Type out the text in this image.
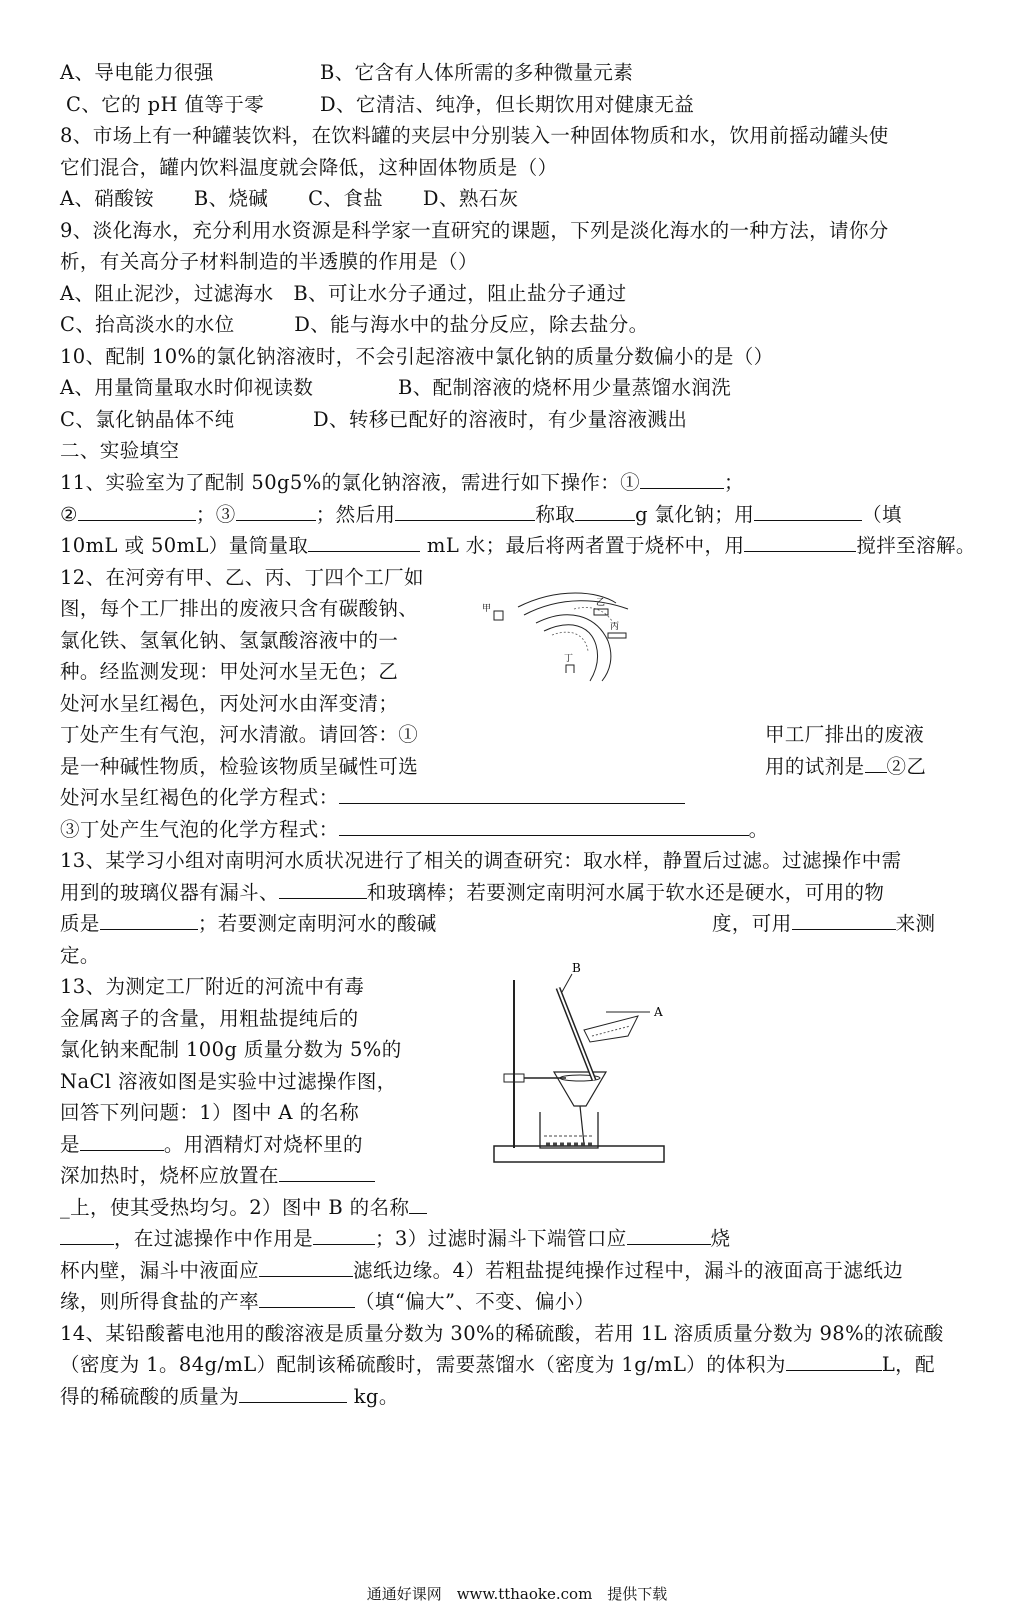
A、导电能力很强	B、它含有人体所需的多种微量元素
C、它的 pH 值等于零	D、它清洁、纯净，但长期饮用对健康无益
8、市场上有一种罐装饮料，在饮料罐的夹层中分别装入一种固体物质和水，饮用前摇动罐头使
它们混合，罐内饮料温度就会降低，这种固体物质是（）
A、硝酸铵　　B、烧碱　　C、食盐　　D、熟石灰
9、淡化海水，充分利用水资源是科学家一直研究的课题，下列是淡化海水的一种方法，请你分
析，有关高分子材料制造的半透膜的作用是（）
A、阻止泥沙，过滤海水　B、可让水分子通过，阻止盐分子通过
C、抬高淡水的水位　　　D、能与海水中的盐分反应，除去盐分。
10、配制 10%的氯化钠溶液时，不会引起溶液中氯化钠的质量分数偏小的是（）
A、用量筒量取水时仰视读数	B、配制溶液的烧杯用少量蒸馏水润洗
C、氯化钠晶体不纯	D、转移已配好的溶液时，有少量溶液溅出
二、实验填空
11、实验室为了配制 50g5%的氯化钠溶液，需进行如下操作：①	；
②	；③	；然后用	称取	g 氯化钠；用	（填
10mL 或 50mL）量筒量取	mL 水；最后将两者置于烧杯中，用	搅拌至溶解。
12、在河旁有甲、乙、丙、丁四个工厂如
图，每个工厂排出的废液只含有碳酸钠、
氯化铁、氢氧化钠、氢氯酸溶液中的一
种。经监测发现：甲处河水呈无色；乙
处河水呈红褐色，丙处河水由浑变清；
丁处产生有气泡，河水清澈。请回答：①	甲工厂排出的废液
是一种碱性物质，检验该物质呈碱性可选	用的试剂是 ②乙
处河水呈红褐色的化学方程式：
③丁处产生气泡的化学方程式：	。
甲
乙
丙
丁
13、某学习小组对南明河水质状况进行了相关的调查研究：取水样，静置后过滤。过滤操作中需
用到的玻璃仪器有漏斗、	和玻璃棒；若要测定南明河水属于软水还是硬水，可用的物
质是	；若要测定南明河水的酸碱	度，可用	来测
定。
13、为测定工厂附近的河流中有毒
金属离子的含量，用粗盐提纯后的
氯化钠来配制 100g 质量分数为 5%的
NaCl 溶液如图是实验中过滤操作图，
回答下列问题：1）图中 A 的名称
是	。用酒精灯对烧杯里的
深加热时，烧杯应放置在
_上，使其受热均匀。2）图中 B 的名称
，在过滤操作中作用是	；3）过滤时漏斗下端管口应	烧
杯内壁，漏斗中液面应	滤纸边缘。4）若粗盐提纯操作过程中，漏斗的液面高于滤纸边
缘，则所得食盐的产率	（填“偏大”、不变、偏小）
B
A
14、某铅酸蓄电池用的酸溶液是质量分数为 30%的稀硫酸，若用 1L 溶质质量分数为 98%的浓硫酸
（密度为 1。84g/mL）配制该稀硫酸时，需要蒸馏水（密度为 1g/mL）的体积为	L，配
得的稀硫酸的质量为	kg。
通通好课网　www.tthaoke.com　提供下载
